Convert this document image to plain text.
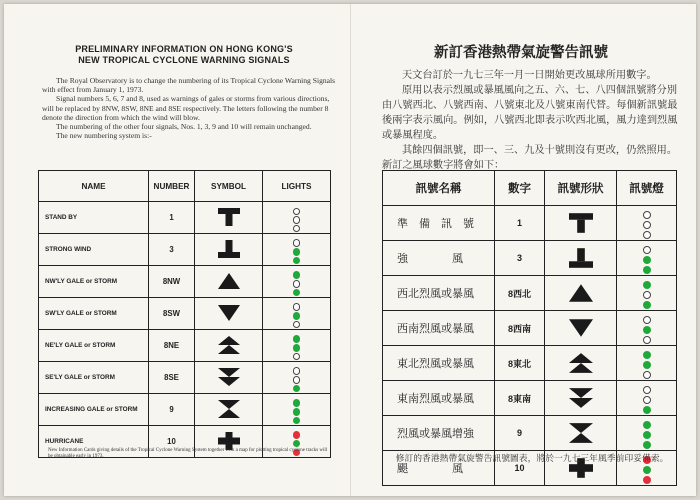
PRELIMINARY INFORMATION ON HONG KONG'S
NEW TROPICAL CYCLONE WARNING SIGNALS

The Royal Observatory is to change the numbering of its Tropical Cyclone Warning Signals with effect from January 1, 1973.

Signal numbers 5, 6, 7 and 8, used as warnings of gales or storms from various directions, will be replaced by 8NW, 8SW, 8NE and 8SE respectively. The letters following the number 8 denote the direction from which the wind will blow.

The numbering of the other four signals, Nos. 1, 3, 9 and 10 will remain unchanged.

The new numbering system is:-

NAME	NUMBER	SYMBOL	LIGHTS
STAND BY	1	

STRONG WIND	3	

NW'LY GALE or STORM	8NW	

SW'LY GALE or STORM	8SW	

NE'LY GALE or STORM	8NE	

SE'LY GALE or STORM	8SE	

INCREASING GALE or STORM	9	

HURRICANE	10	

New Information Cards giving details of the Tropical Cyclone Warning System together with a map for plotting tropical cyclone tracks will be obtainable early in 1973.
新訂香港熱帶氣旋警告訊號

天文台訂於一九七三年一月一日開始更改風球所用數字。

原用以表示烈風或暴風風向之五、六、七、八四個訊號將分別由八號西北、八號西南、八號東北及八號東南代替。每個新訊號最後兩字表示風向。例如，八號西北即表示吹西北風，風力達到烈風或暴風程度。

其餘四個訊號，即一、三、九及十號則沒有更改，仍然照用。新訂之風球數字將會如下：

訊號名稱	數字	訊號形狀	訊號燈
準　備　訊　號	1	

強　　　　風	3	

西北烈風或暴風	8西北	

西南烈風或暴風	8西南	

東北烈風或暴風	8東北	

東南烈風或暴風	8東南	

烈風或暴風增強	9	

颶　　　　風	10	

修訂的香港熱帶氣旋警告訊號圖表，將於一九七三年風季前印妥備索。
